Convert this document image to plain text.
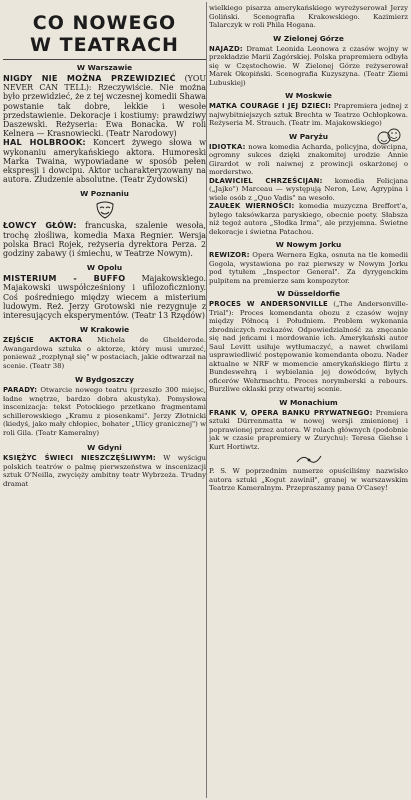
CO NOWEGO
W TEATRACH
W Warszawie

NIGDY NIE MOŻNA PRZEWIDZIEĆ (YOU NEVER CAN TELL): Rzeczywiście. Nie można było przewidzieć, że z tej wczesnej komedii Shawa powstanie tak dobre, lekkie i wesołe przedstawienie. Dekoracje i kostiumy: prawdziwy Daszewski. Reżyseria: Ewa Bonacka. W roli Kelnera — Krasnowiecki. (Teatr Narodowy)

HAL HOLBROOK: Koncert żywego słowa w wykonaniu amerykańskiego aktora. Humoreski Marka Twaina, wypowiadane w sposób pełen ekspresji i dowcipu. Aktor ucharakteryzowany na autora. Złudzenie absolutne. (Teatr Żydowski)

W Poznaniu

ŁOWCY GŁÓW: francuska, szalenie wesoła, trochę złośliwa, komedia Maxa Regnier. Wersja polska Braci Rojek, reżyseria dyrektora Perza. 2 godziny zabawy (i śmiechu, w Teatrze Nowym).

W Opolu

MISTERIUM - BUFFO Majakowskiego. Majakowski uwspółcześniony i ufilozoficzniony. Coś pośredniego między wiecem a misterium ludowym. Reż. Jerzy Grotowski nie rezygnuje z interesujących eksperymentów. (Teatr 13 Rzędów)

W Krakowie

ZEJŚCIE AKTORA Michela de Ghelderode. Awangardowa sztuka o aktorze, który musi umrzeć, ponieważ „rozpłynął się" w postaciach, jakie odtwarzał na scenie. (Teatr 38)

W Bydgoszczy

PARADY: Otwarcie nowego teatru (przeszło 300 miejsc, ładne wnętrze, bardzo dobra akustyka). Pomysłowa inscenizacja: tekst Potockiego przetkano fragmentami schillerowskiego „Kramu z piosenkami". Jerzy Złotnicki (kiedyś, jako mały chłopiec, bohater „Ulicy granicznej") w roli Gila. (Teatr Kameralny)

W Gdyni

KSIĘŻYC ŚWIECI NIESZCZĘŚLIWYM: W wyścigu polskich teatrów o palmę pierwszeństwa w inscenizacji sztuk O'Neilla, zwycięży ambitny teatr Wybrzeża. Trudny dramat

wielkiego pisarza amerykańskiego wyreżyserował Jerzy Goliński. Scenografia Krakowskiego. Kazimierz Talarczyk w roli Phila Hogana.

W Zielonej Górze

NAJAZD: Dramat Leonida Leonowa z czasów wojny w przekładzie Marii Zagórskiej. Polska prapremiera odbyła się w Częstochowie. W Zielonej Górze reżyserował Marek Okopiński. Scenografia Kuzyszyna. (Teatr Ziemi Lubuskiej)

W Moskwie

MATKA COURAGE I JEJ DZIECI: Prapremiera jednej z najwybitniejszych sztuk Brechta w Teatrze Ochłopkowa. Reżyseria M. Strauch. (Teatr im. Majakowskiego)

W Paryżu

IDIOTKA: nowa komedia Acharda, policyjna, dowcipna, ogromny sukces dzięki znakomitej urodzie Annie Girardot w roli naiwnej z prowincji oskarżonej o morderstwo.

DŁAWICIEL CHRZEŚCIJAN: komedia Felicjana („Jajko") Marceau — występują Neron, Lew, Agrypina i wiele osób z „Quo Vadis" na wesoło.

ZAUŁEK WIERNOŚCI: komedia muzyczna Breffort'a, bylego taksówkarza paryskiego, obecnie poety. Słabsza niż tegoż autora „Słodka Irma", ale przyjemna. Świetne dekoracje i świetna Patachou.

W Nowym Jorku

REWIZOR: Opera Wernera Egka, osnuta na tle komedii Gogola, wystawiona po raz pierwszy w Nowym Jorku pod tytułem „Inspector General". Za dyrygenckim pulpitem na premierze sam kompozytor.

W Düsseldorfie

PROCES W ANDERSONVILLE („The Andersonville-Trial"): Proces komendanta obozu z czasów wojny między Północą i Południem. Problem wykonania zbrodniczych rozkazów. Odpowiedzialność za znęcanie się nad jeńcami i mordowanie ich. Amerykański autor Saul Levitt usiłuje wytłumaczyć, a nawet chwilami usprawiedliwić postępowanie komendanta obozu. Nader aktualne w NRF w momencie amerykańskiego flirtu z Bundeswehrą i wybielania jej dowódców, byłych oficerów Wehrmachtu. Proces norymberski a rebours. Burzliwe oklaski przy otwartej scenie.

W Monachium

FRANK V, OPERA BANKU PRYWATNEGO: Premiera sztuki Dürrenmatta w nowej wersji zmienionej i poprawionej przez autora. W rolach głównych (podobnie jak w czasie prapremiery w Zurychu): Teresa Giehse i Kurt Hortiwtz.

P. S. W poprzednim numerze opuściliśmy nazwisko autora sztuki „Kogut zawinił", granej w warszawskim Teatrze Kameralnym. Przepraszamy pana O'Casey!
